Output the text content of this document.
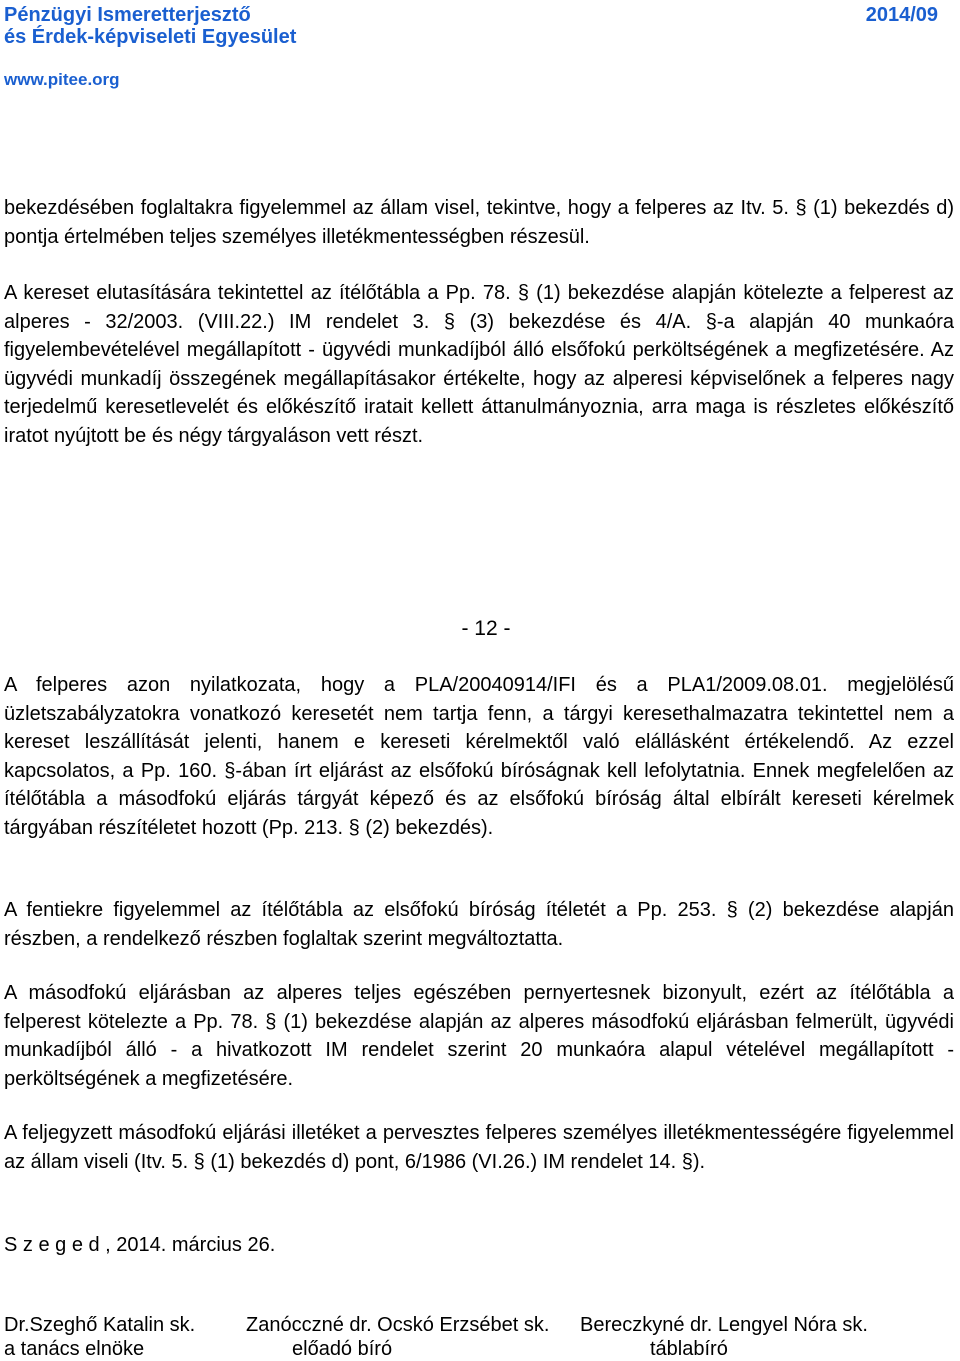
Pénzügyi Ismeretterjesztő
és Érdek-képviseleti Egyesület
2014/09
www.pitee.org
bekezdésében foglaltakra figyelemmel az állam visel, tekintve, hogy a felperes az Itv. 5. § (1) bekezdés d) pontja értelmében teljes személyes illetékmentességben részesül.
A kereset elutasítására tekintettel az ítélőtábla a Pp. 78. § (1) bekezdése alapján kötelezte a felperest az alperes - 32/2003. (VIII.22.) IM rendelet 3. § (3) bekezdése és 4/A. §-a alapján 40 munkaóra figyelembevételével megállapított - ügyvédi munkadíjból álló elsőfokú perköltségének a megfizetésére. Az ügyvédi munkadíj összegének megállapításakor értékelte, hogy az alperesi képviselőnek a felperes nagy terjedelmű keresetlevelét és előkészítő iratait kellett áttanulmányoznia, arra maga is részletes előkészítő iratot nyújtott be és négy tárgyaláson vett részt.
- 12 -
A felperes azon nyilatkozata, hogy a PLA/20040914/IFI és a PLA1/2009.08.01. megjelölésű üzletszabályzatokra vonatkozó keresetét nem tartja fenn, a tárgyi keresethalmazatra tekintettel nem a kereset leszállítását jelenti, hanem e kereseti kérelmektől való elállásként értékelendő. Az ezzel kapcsolatos, a Pp. 160. §-ában írt eljárást az elsőfokú bíróságnak kell lefolytatnia. Ennek megfelelően az ítélőtábla a másodfokú eljárás tárgyát képező és az elsőfokú bíróság által elbírált kereseti kérelmek tárgyában részítéletet hozott (Pp. 213. § (2) bekezdés).
A fentiekre figyelemmel az ítélőtábla az elsőfokú bíróság ítéletét a Pp. 253. § (2) bekezdése alapján részben, a rendelkező részben foglaltak szerint megváltoztatta.
A másodfokú eljárásban az alperes teljes egészében pernyertesnek bizonyult, ezért az ítélőtábla a felperest kötelezte a Pp. 78. § (1) bekezdése alapján az alperes másodfokú eljárásban felmerült, ügyvédi munkadíjból álló - a hivatkozott IM rendelet szerint 20 munkaóra alapul vételével megállapított - perköltségének a megfizetésére.
A feljegyzett másodfokú eljárási illetéket a pervesztes felperes személyes illetékmentességére figyelemmel az állam viseli (Itv. 5. § (1) bekezdés d) pont, 6/1986 (VI.26.) IM rendelet 14. §).
S z e g e d , 2014. március 26.
Dr.Szeghő Katalin sk.
a tanács elnöke
Zanócczné dr. Ocskó Erzsébet sk.
előadó bíró
Bereczkyné dr. Lengyel Nóra sk.
táblabíró
